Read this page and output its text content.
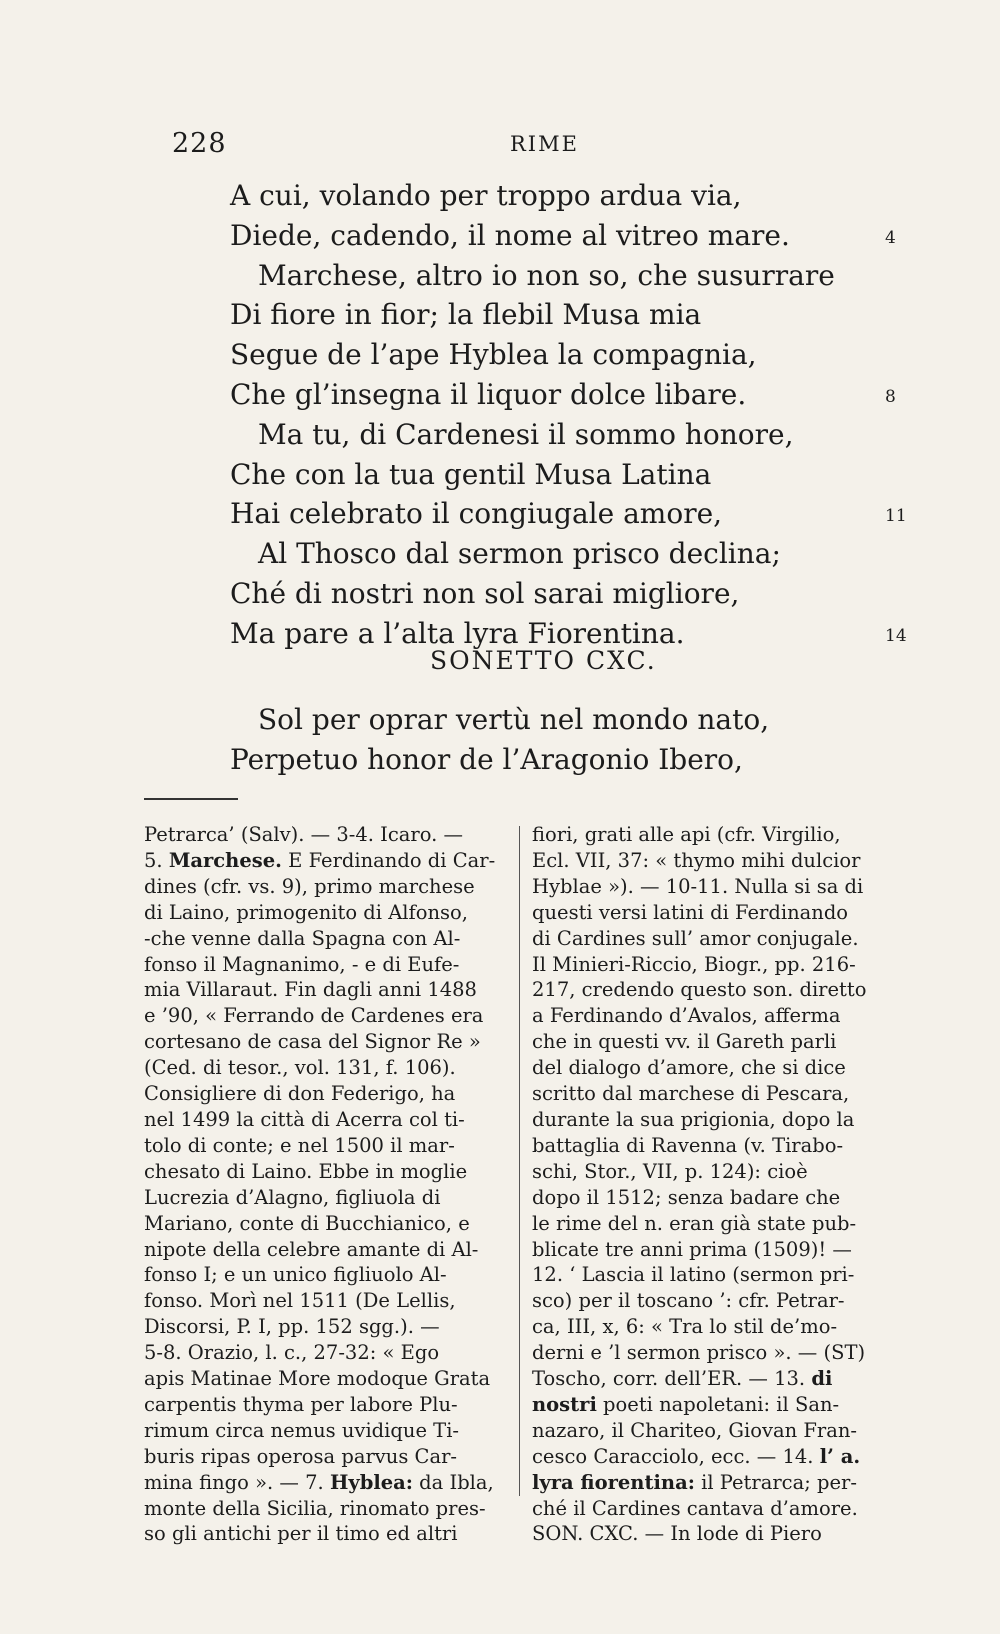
228	RIME
A cui, volando per troppo ardua via,
Diede, cadendo, il nome al vitreo mare.	4
Marchese, altro io non so, che susurrare
Di fiore in fior; la flebil Musa mia
Segue de l’ape Hyblea la compagnia,
Che gl’insegna il liquor dolce libare.	8
Ma tu, di Cardenesi il sommo honore,
Che con la tua gentil Musa Latina
Hai celebrato il congiugale amore,	11
Al Thosco dal sermon prisco declina;
Ché di nostri non sol sarai migliore,
Ma pare a l’alta lyra Fiorentina.	14
SONETTO CXC.
Sol per oprar vertù nel mondo nato,
Perpetuo honor de l’Aragonio Ibero,

Petrarca’ (Salv). — 3-4. Icaro. —

5. Marchese. E Ferdinando di Car-

dines (cfr. vs. 9), primo marchese

di Laino, primogenito di Alfonso,

-che venne dalla Spagna con Al-

fonso il Magnanimo, - e di Eufe-

mia Villaraut. Fin dagli anni 1488

e ’90, « Ferrando de Cardenes era

cortesano de casa del Signor Re »

(Ced. di tesor., vol. 131, f. 106).

Consigliere di don Federigo, ha

nel 1499 la città di Acerra col ti-

tolo di conte; e nel 1500 il mar-

chesato di Laino. Ebbe in moglie

Lucrezia d’Alagno, figliuola di

Mariano, conte di Bucchianico, e

nipote della celebre amante di Al-

fonso I; e un unico figliuolo Al-

fonso. Morì nel 1511 (De Lellis,

Discorsi, P. I, pp. 152 sgg.). —

5-8. Orazio, l. c., 27-32: « Ego

apis Matinae More modoque Grata

carpentis thyma per labore Plu-

rimum circa nemus uvidique Ti-

buris ripas operosa parvus Car-

mina fingo ». — 7. Hyblea: da Ibla,

monte della Sicilia, rinomato pres-

so gli antichi per il timo ed altri

fiori, grati alle api (cfr. Virgilio,

Ecl. VII, 37: « thymo mihi dulcior

Hyblae »). — 10-11. Nulla si sa di

questi versi latini di Ferdinando

di Cardines sull’ amor conjugale.

Il Minieri-Riccio, Biogr., pp. 216-

217, credendo questo son. diretto

a Ferdinando d’Avalos, afferma

che in questi vv. il Gareth parli

del dialogo d’amore, che si dice

scritto dal marchese di Pescara,

durante la sua prigionia, dopo la

battaglia di Ravenna (v. Tirabo-

schi, Stor., VII, p. 124): cioè

dopo il 1512; senza badare che

le rime del n. eran già state pub-

blicate tre anni prima (1509)! —

12. ‘ Lascia il latino (sermon pri-

sco) per il toscano ’: cfr. Petrar-

ca, III, x, 6: « Tra lo stil de’mo-

derni e ’l sermon prisco ». — (ST)

Toscho, corr. dell’ER. — 13. di

nostri poeti napoletani: il San-

nazaro, il Chariteo, Giovan Fran-

cesco Caracciolo, ecc. — 14. l’ a.

lyra fiorentina: il Petrarca; per-

ché il Cardines cantava d’amore.

SON. CXC. — In lode di Piero
